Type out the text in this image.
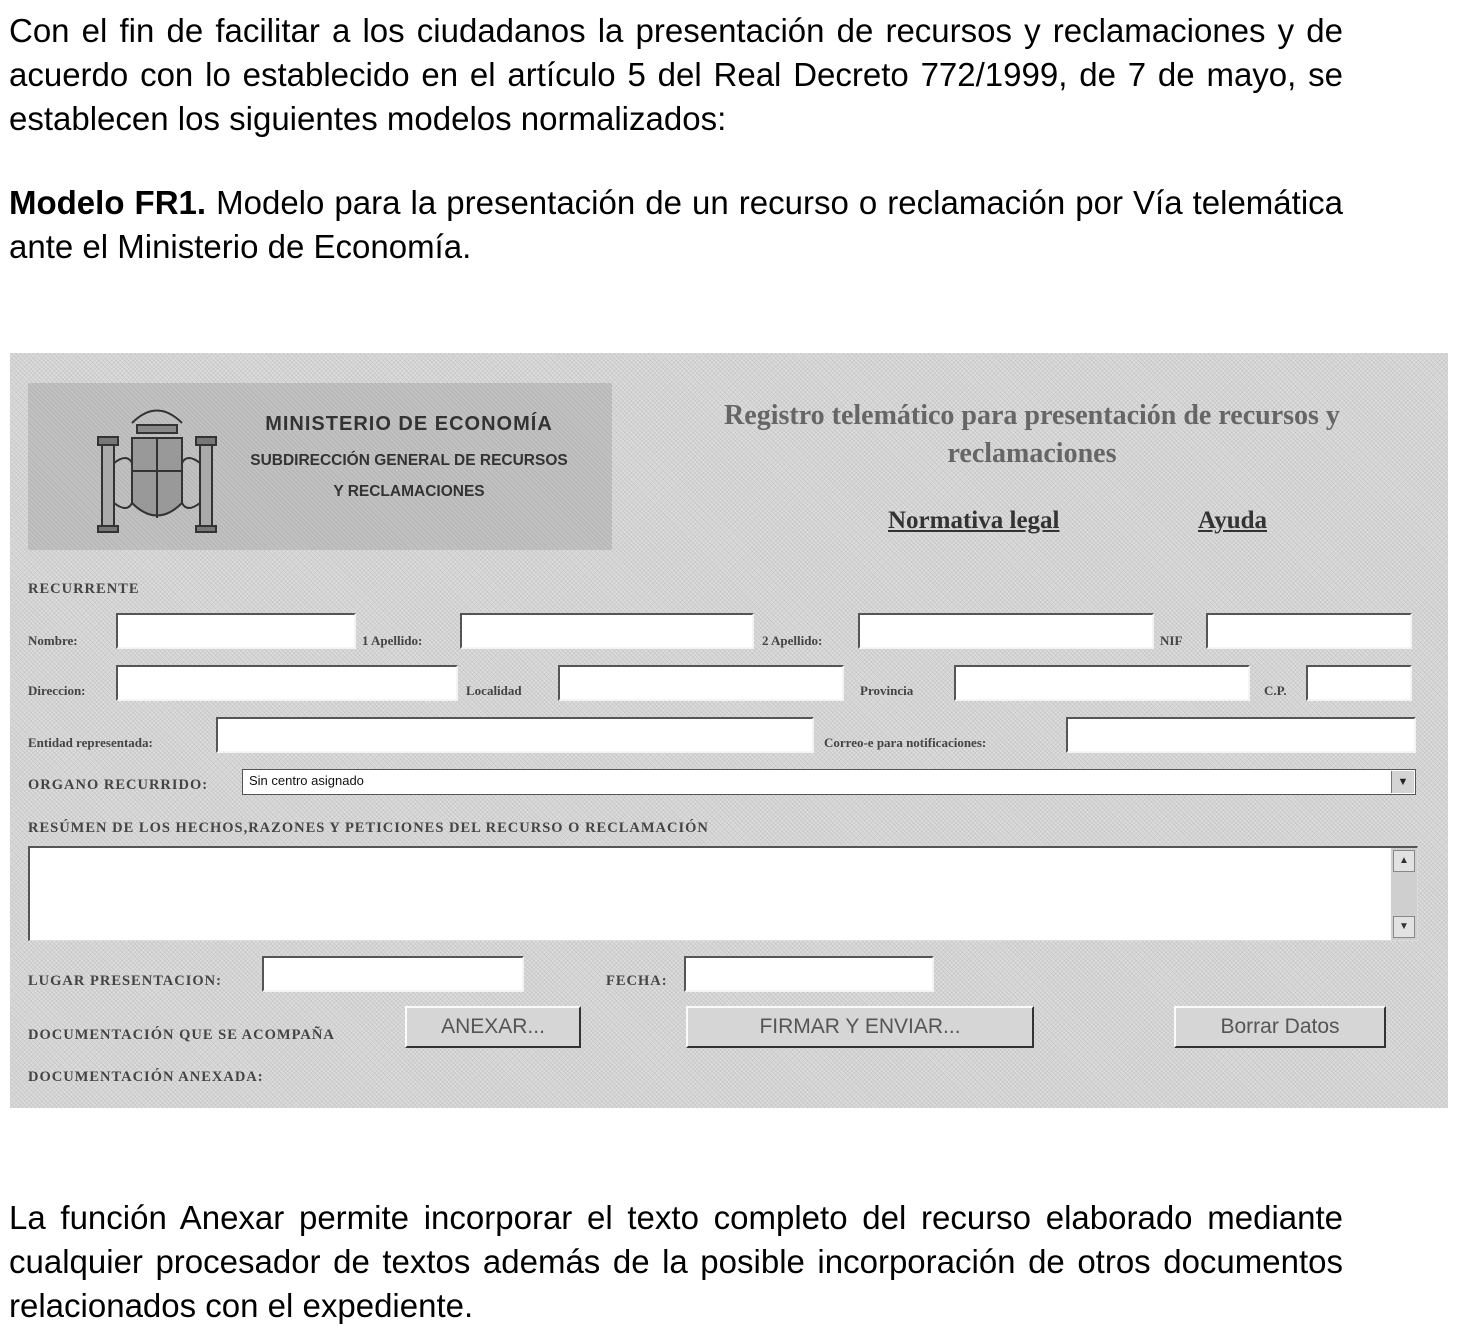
Con el fin de facilitar a los ciudadanos la presentación de recursos y reclamaciones y de acuerdo con lo establecido en el artículo 5 del Real Decreto 772/1999, de 7 de mayo, se establecen los siguientes modelos normalizados:

Modelo FR1. Modelo para la presentación de un recurso o reclamación por Vía telemática ante el Ministerio de Economía.

MINISTERIO DE ECONOMÍA
SUBDIRECCIÓN GENERAL DE RECURSOS
Y RECLAMACIONES
Registro telemático para presentación de recursos y reclamaciones
Normativa legal	Ayuda
RECURRENTE
Nombre:	1 Apellido:	2 Apellido:	NIF
Direccion:	Localidad	Provincia	C.P.
Entidad representada:	Correo-e para notificaciones:
ORGANO RECURRIDO:	Sin centro asignado	▼
RESÚMEN DE LOS HECHOS,RAZONES Y PETICIONES DEL RECURSO O RECLAMACIÓN
▲
▼
LUGAR PRESENTACION:	FECHA:
DOCUMENTACIÓN QUE SE ACOMPAÑA	ANEXAR...	FIRMAR Y ENVIAR...	Borrar Datos
DOCUMENTACIÓN ANEXADA:

La función Anexar permite incorporar el texto completo del recurso elaborado mediante cualquier procesador de textos además de la posible incorporación de otros documentos relacionados con el expediente.
